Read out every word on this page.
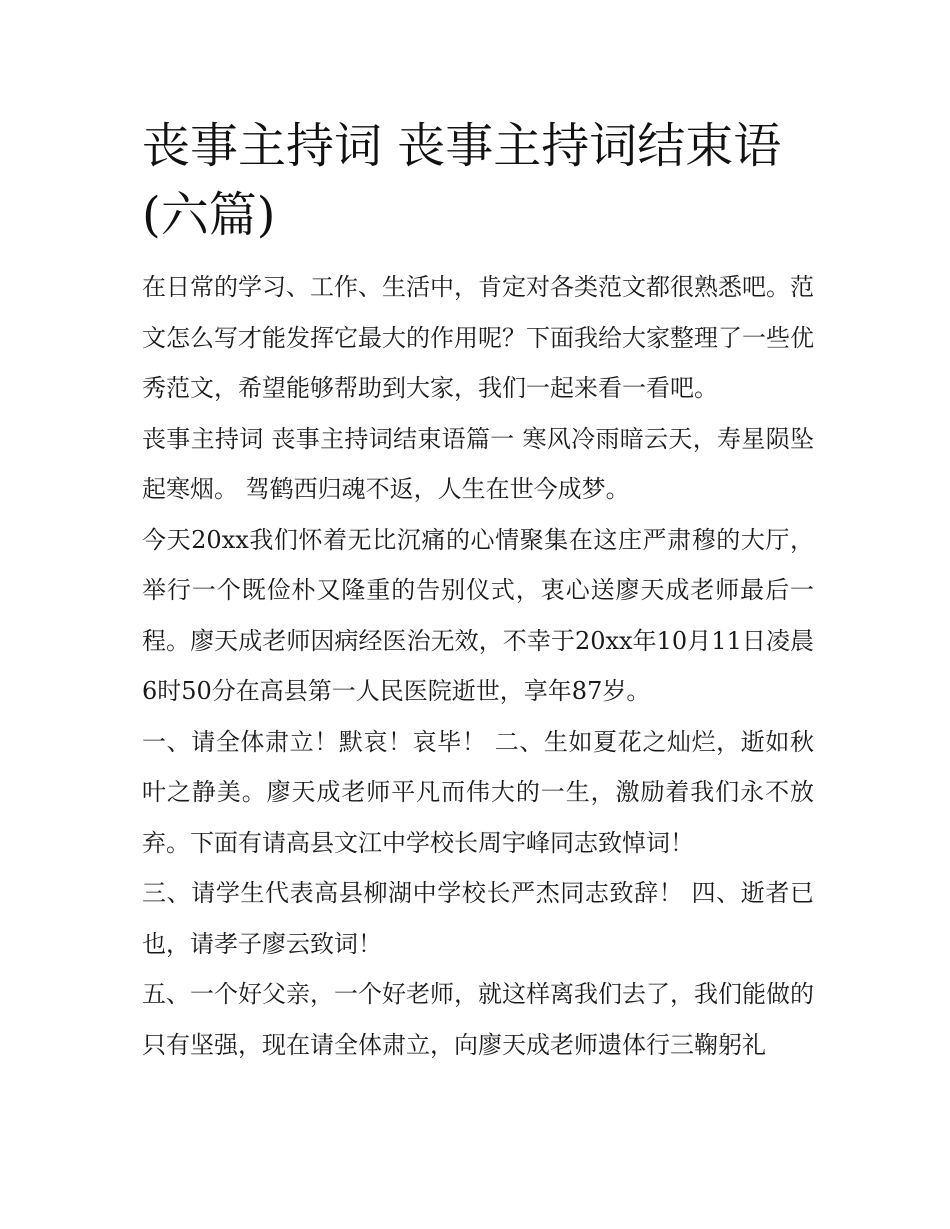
丧事主持词 丧事主持词结束语(六篇)

在日常的学习、工作、生活中，肯定对各类范文都很熟悉吧。范文怎么写才能发挥它最大的作用呢？下面我给大家整理了一些优秀范文，希望能够帮助到大家，我们一起来看一看吧。

丧事主持词 丧事主持词结束语篇一 寒风冷雨暗云天，寿星陨坠起寒烟。 驾鹤西归魂不返，人生在世今成梦。

今天20xx我们怀着无比沉痛的心情聚集在这庄严肃穆的大厅，举行一个既俭朴又隆重的告别仪式，衷心送廖天成老师最后一程。廖天成老师因病经医治无效，不幸于20xx年10月11日凌晨6时50分在高县第一人民医院逝世，享年87岁。

一、请全体肃立！默哀！哀毕！ 二、生如夏花之灿烂，逝如秋叶之静美。廖天成老师平凡而伟大的一生，激励着我们永不放弃。下面有请高县文江中学校长周宇峰同志致悼词！

三、请学生代表高县柳湖中学校长严杰同志致辞！ 四、逝者已也，请孝子廖云致词！

五、一个好父亲，一个好老师，就这样离我们去了，我们能做的只有坚强，现在请全体肃立，向廖天成老师遗体行三鞠躬礼
